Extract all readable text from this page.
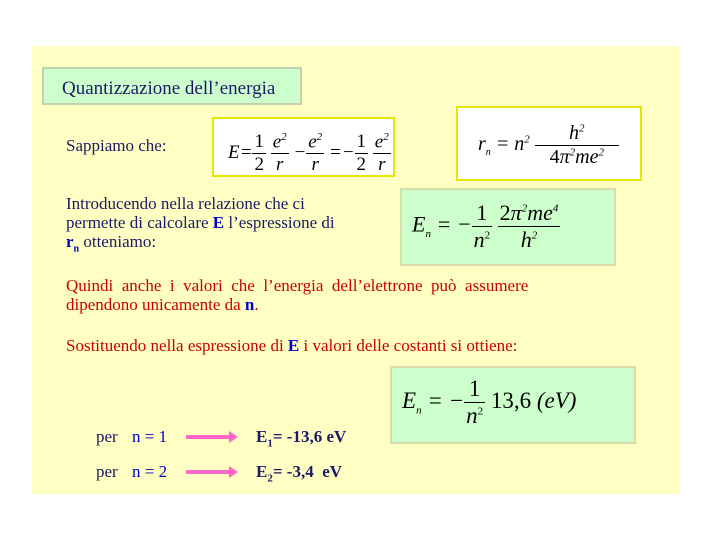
Quantizzazione dell’energia
Sappiamo che:	$E= \frac{1}{2}$
$\frac{e^2}{r} - \frac{e^2}{r} =- \frac{1}{2}$
$\frac{e^2}{r}$	$r_n = n^2 \frac{h^2}{4\pi^2me^2}$
Introducendo nella relazione che ci
permette di calcolare E l’espressione di
$r_n$ otteniamo:
$E_n$ = − $\frac{1}{n^2}$
$\frac{2\pi^2me^4}{h^2}$
Quindi  anche  i  valori  che  l’energia  dell’elettrone  può  assumere
dipendono unicamente da n.
Sostituendo nella espressione di E i valori delle costanti si ottiene:
$E_n$ = − $\frac{1}{n^2} 13,6$ (eV)
per n = 1	$E_1= -13,6$ eV
per n = 2	$E_2= -3,4$  eV
